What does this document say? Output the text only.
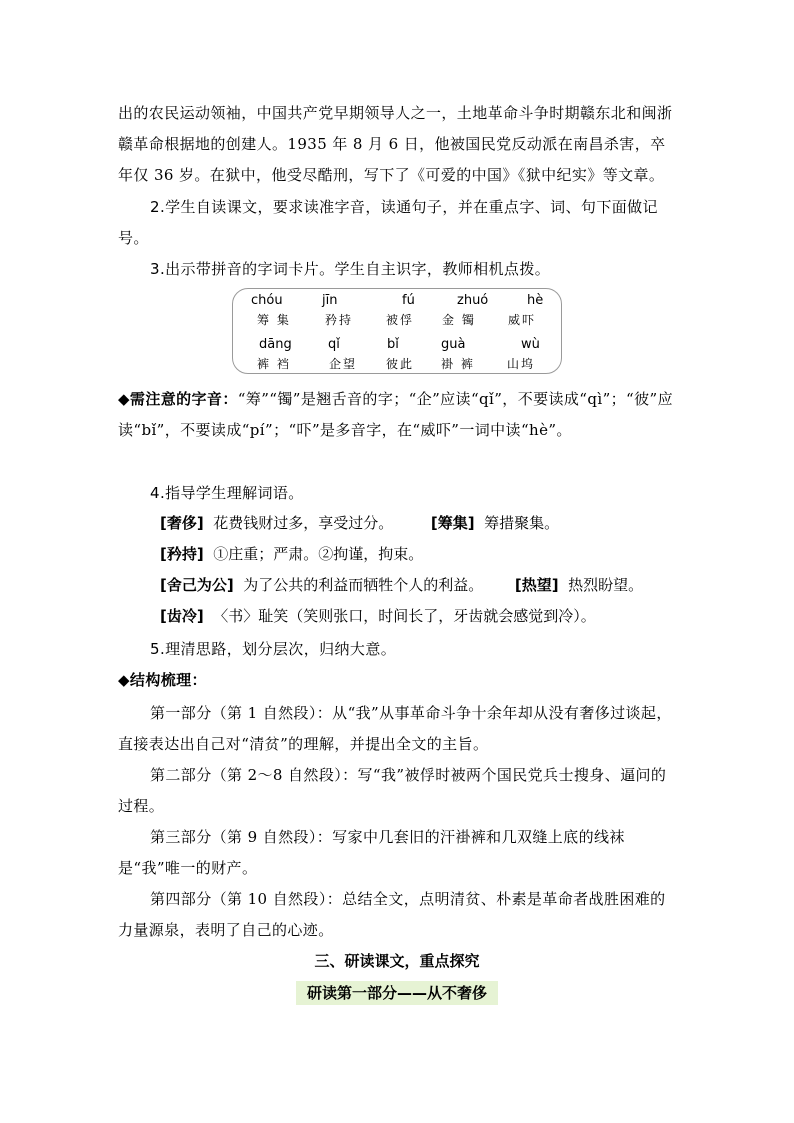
出的农民运动领袖，中国共产党早期领导人之一，土地革命斗争时期赣东北和闽浙赣革命根据地的创建人。1935 年 8 月 6 日，他被国民党反动派在南昌杀害，卒年仅 36 岁。在狱中，他受尽酷刑，写下了《可爱的中国》《狱中纪实》等文章。

2.学生自读课文，要求读准字音，读通句子，并在重点字、词、句下面做记号。

3.出示带拼音的字词卡片。学生自主识字，教师相机点拨。

chóu
筹 集
jīn
矜持
fú
被俘
zhuó
金 镯
hè
威吓
dāng
裤 裆
qǐ
企望
bǐ
彼此
guà
褂 裤
wù
山坞

◆需注意的字音：“筹”“镯”是翘舌音的字；“企”应读“qǐ”，不要读成“qì”；“彼”应读“bǐ”，不要读成“pí”；“吓”是多音字，在“威吓”一词中读“hè”。

4.指导学生理解词语。

[奢侈] 花费钱财过多，享受过分。	[筹集] 筹措聚集。
[矜持] ①庄重；严肃。②拘谨，拘束。
[舍己为公] 为了公共的利益而牺牲个人的利益。 [热望] 热烈盼望。
[齿冷] 〈书〉耻笑（笑则张口，时间长了，牙齿就会感觉到冷）。

5.理清思路，划分层次，归纳大意。

◆结构梳理：

第一部分（第 1 自然段）：从“我”从事革命斗争十余年却从没有奢侈过谈起，直接表达出自己对“清贫”的理解，并提出全文的主旨。

第二部分（第 2～8 自然段）：写“我”被俘时被两个国民党兵士搜身、逼问的过程。

第三部分（第 9 自然段）：写家中几套旧的汗褂裤和几双缝上底的线袜是“我”唯一的财产。

第四部分（第 10 自然段）：总结全文，点明清贫、朴素是革命者战胜困难的力量源泉，表明了自己的心迹。

三、研读课文，重点探究
研读第一部分——从不奢侈
